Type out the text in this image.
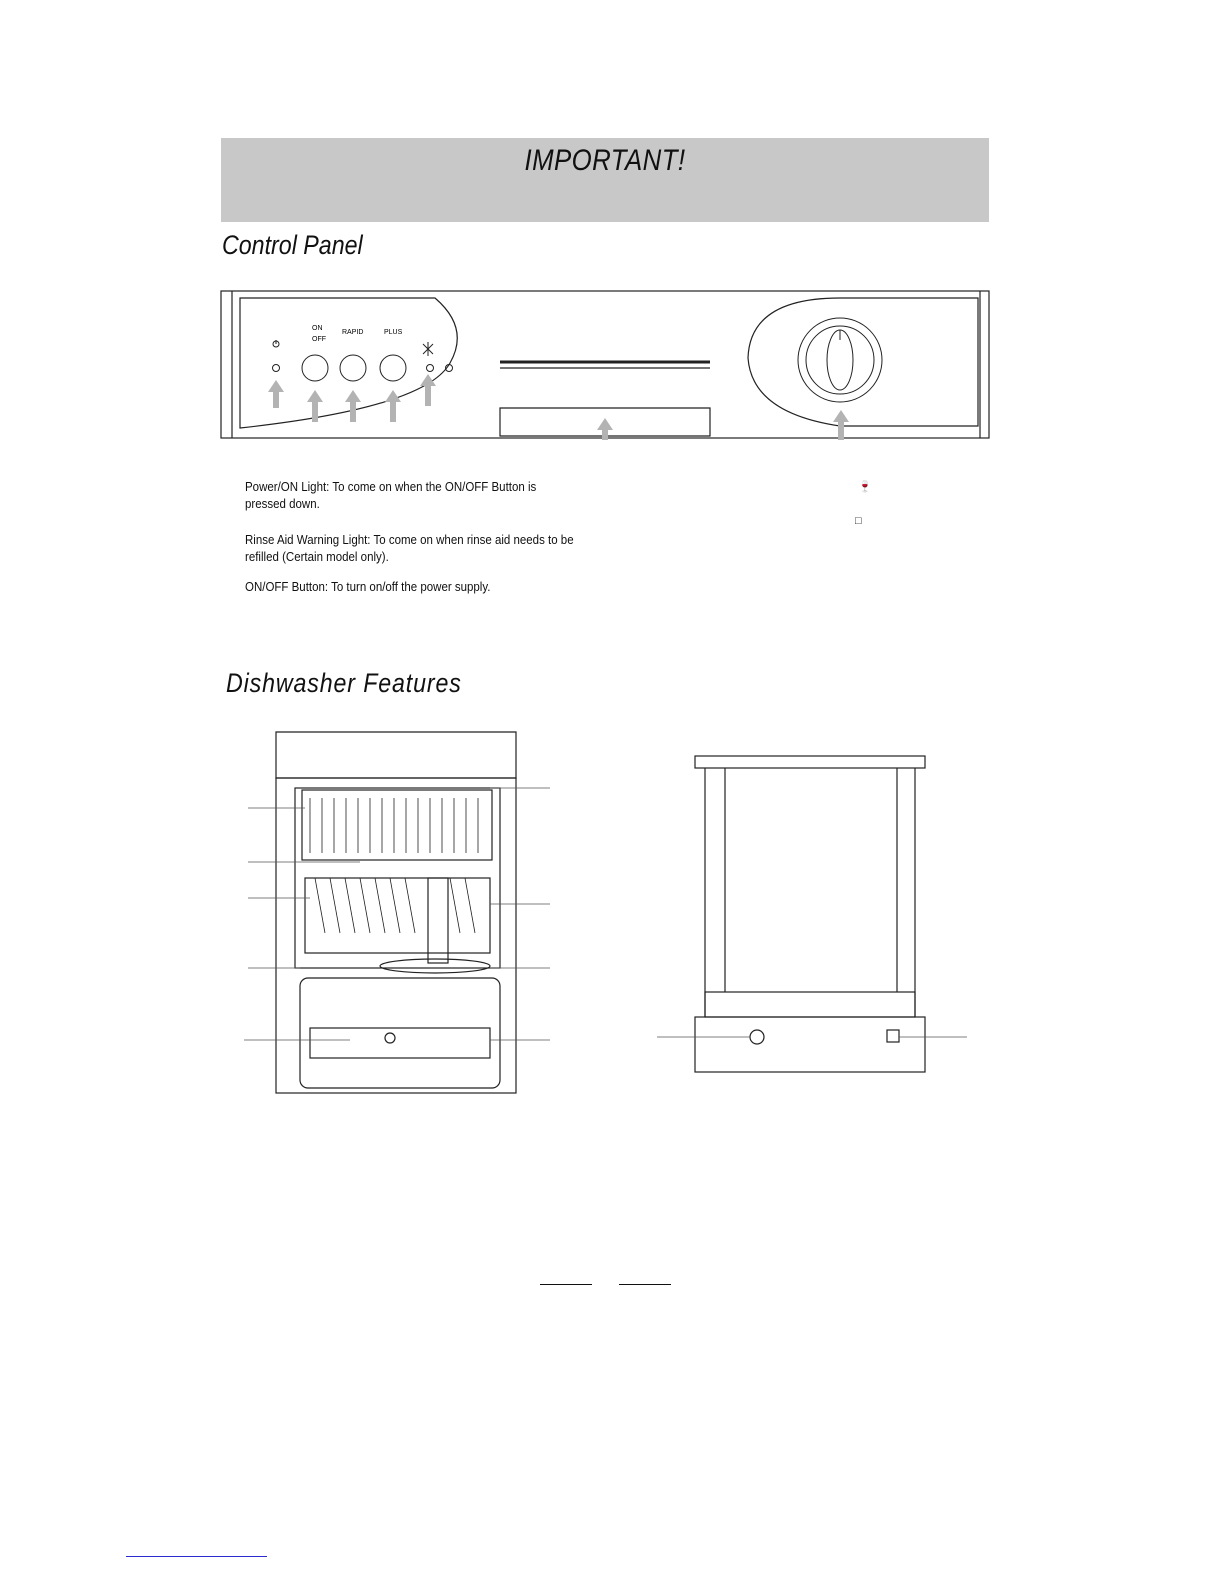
IMPORTANT!
Control Panel
ON
OFF
RAPID	PLUS
Power/ON Light: To come on when the ON/OFF Button is pressed down.
Rinse Aid Warning Light: To come on when rinse aid needs to be refilled (Certain model only).
ON/OFF Button: To turn on/off the power supply.
🍷
□
Dishwasher Features
